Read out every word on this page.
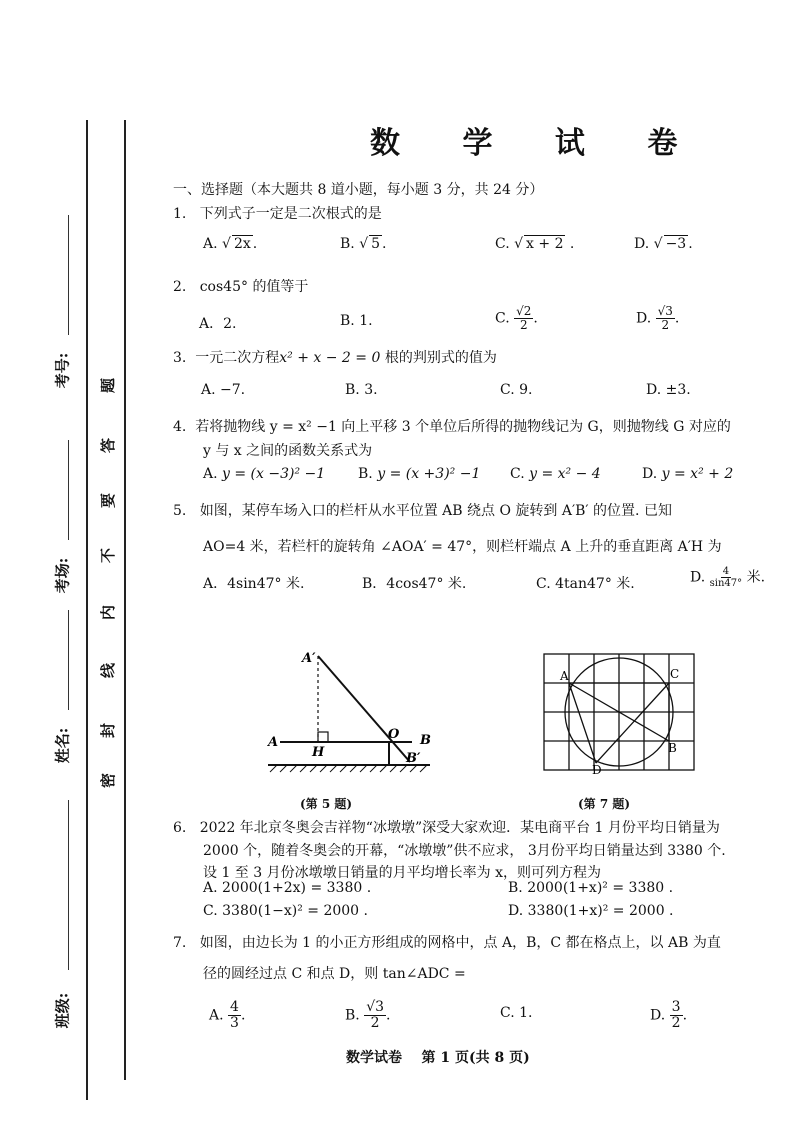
考号:
考场:
姓名:
班级:
密
封
线
内
不
要
答
题
数 学 试 卷
一、选择题（本大题共 8 道小题，每小题 3 分，共 24 分）
1. 下列式子一定是二次根式的是
A. √ 2x .	B. √ 5 .	C. √ x + 2 .	D. √ −3 .
2. cos45° 的值等于
A．2.	B. 1.	C. $\frac{√2}{2}$ .	D. $\frac{√3}{2}$ .
3. 一元二次方程x² + x − 2 = 0 根的判别式的值为
A. −7.	B. 3.	C. 9.	D. ±3.
4. 若将抛物线 y = x² −1 向上平移 3 个单位后所得的抛物线记为 G，则抛物线 G 对应的
y 与 x 之间的函数关系式为
A. y = (x −3)² −1 B. y = (x +3)² −1 C. y = x² − 4	D. y = x² + 2
5. 如图，某停车场入口的栏杆从水平位置 AB 绕点 O 旋转到 A′B′ 的位置. 已知
AO=4 米，若栏杆的旋转角 ∠AOA′ = 47°，则栏杆端点 A 上升的垂直距离 A′H 为
A．4sin47° 米.	B．4cos47° 米.	C. 4tan47° 米.	D. $\frac{4}{\sin 47^\circ}$ 米.
A′
A
H
O B
B′
(第 5 题)
A	C
B
D
(第 7 题)
6. 2022 年北京冬奥会吉祥物“冰墩墩”深受大家欢迎．某电商平台 1 月份平均日销量为
2000 个，随着冬奥会的开幕，“冰墩墩”供不应求， 3月份平均日销量达到 3380 个.
设 1 至 3 月份冰墩墩日销量的月平均增长率为 x，则可列方程为
A. 2000(1+2x) = 3380 .	B. 2000(1+x)² = 3380 .
C. 3380(1−x)² = 2000 .	D. 3380(1+x)² = 2000 .
7. 如图，由边长为 1 的小正方形组成的网格中，点 A，B，C 都在格点上，以 AB 为直
径的圆经过点 C 和点 D，则 tan∠ADC =
A. $\frac{4}{3}$ .	B. $\frac{√3}{2}$ .	C. 1.	D. $\frac{3}{2}$ .
数学试卷    第 1 页(共 8 页)
